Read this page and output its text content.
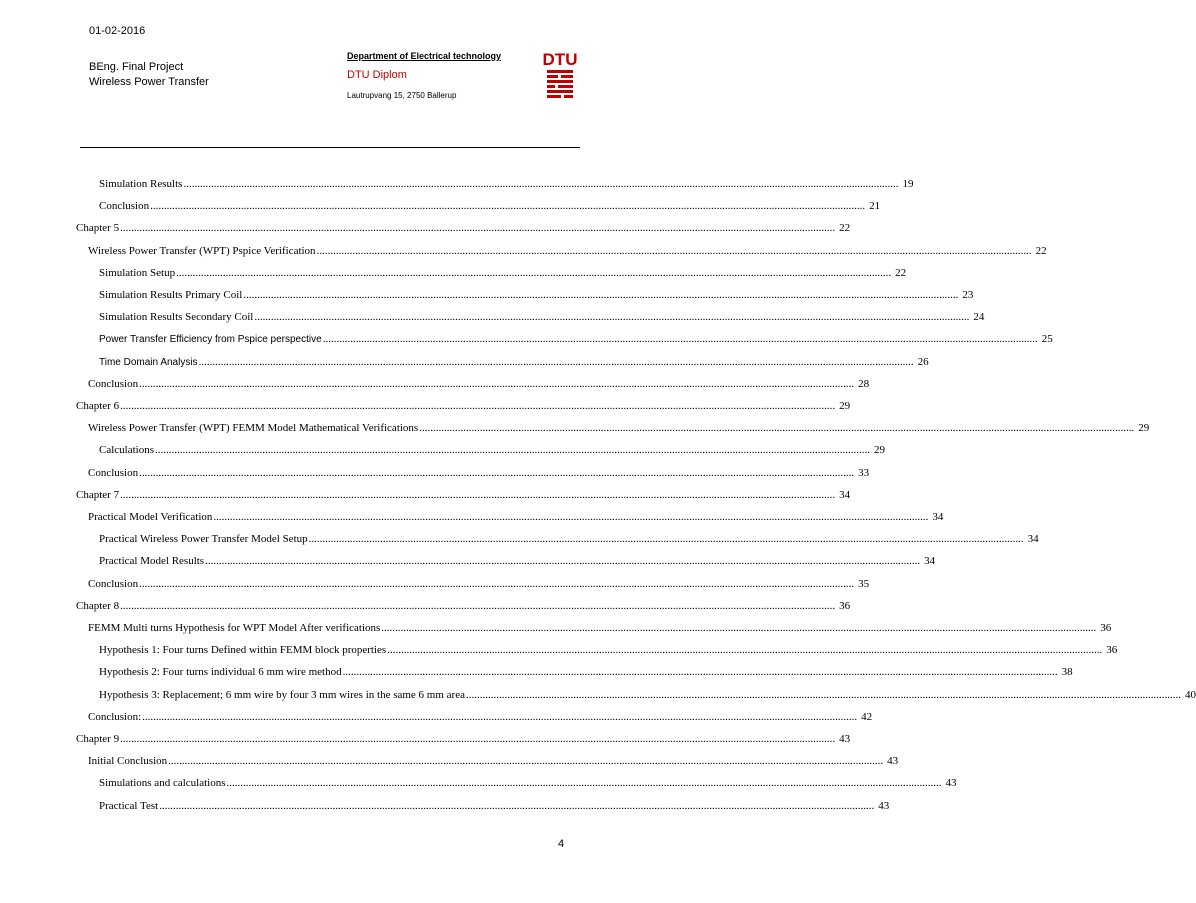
01-02-2016
BEng. Final Project
Wireless Power Transfer
Department of Electrical technology
DTU Diplom
Lautrupvang 15, 2750 Ballerup
DTU
Simulation Results .................................................................................................................................................................................................................................................................... 19
Conclusion .................................................................................................................................................................................................................................................................... 21
Chapter 5 .................................................................................................................................................................................................................................................................... 22
Wireless Power Transfer (WPT) Pspice Verification .................................................................................................................................................................................................................................................................... 22
Simulation Setup .................................................................................................................................................................................................................................................................... 22
Simulation Results Primary Coil .................................................................................................................................................................................................................................................................... 23
Simulation Results Secondary Coil .................................................................................................................................................................................................................................................................... 24
Power Transfer Efficiency from Pspice perspective .................................................................................................................................................................................................................................................................... 25
Time Domain Analysis .................................................................................................................................................................................................................................................................... 26
Conclusion .................................................................................................................................................................................................................................................................... 28
Chapter 6 .................................................................................................................................................................................................................................................................... 29
Wireless Power Transfer (WPT) FEMM Model Mathematical Verifications .................................................................................................................................................................................................................................................................... 29
Calculations .................................................................................................................................................................................................................................................................... 29
Conclusion .................................................................................................................................................................................................................................................................... 33
Chapter 7 .................................................................................................................................................................................................................................................................... 34
Practical Model Verification .................................................................................................................................................................................................................................................................... 34
Practical Wireless Power Transfer Model Setup .................................................................................................................................................................................................................................................................... 34
Practical Model Results .................................................................................................................................................................................................................................................................... 34
Conclusion .................................................................................................................................................................................................................................................................... 35
Chapter 8 .................................................................................................................................................................................................................................................................... 36
FEMM Multi turns Hypothesis for WPT Model After verifications .................................................................................................................................................................................................................................................................... 36
Hypothesis 1: Four turns Defined within FEMM block properties .................................................................................................................................................................................................................................................................... 36
Hypothesis 2: Four turns individual 6 mm wire method .................................................................................................................................................................................................................................................................... 38
Hypothesis 3: Replacement; 6 mm wire by four 3 mm wires in the same 6 mm area .................................................................................................................................................................................................................................................................... 40
Conclusion: .................................................................................................................................................................................................................................................................... 42
Chapter 9 .................................................................................................................................................................................................................................................................... 43
Initial Conclusion .................................................................................................................................................................................................................................................................... 43
Simulations and calculations .................................................................................................................................................................................................................................................................... 43
Practical Test .................................................................................................................................................................................................................................................................... 43
4
